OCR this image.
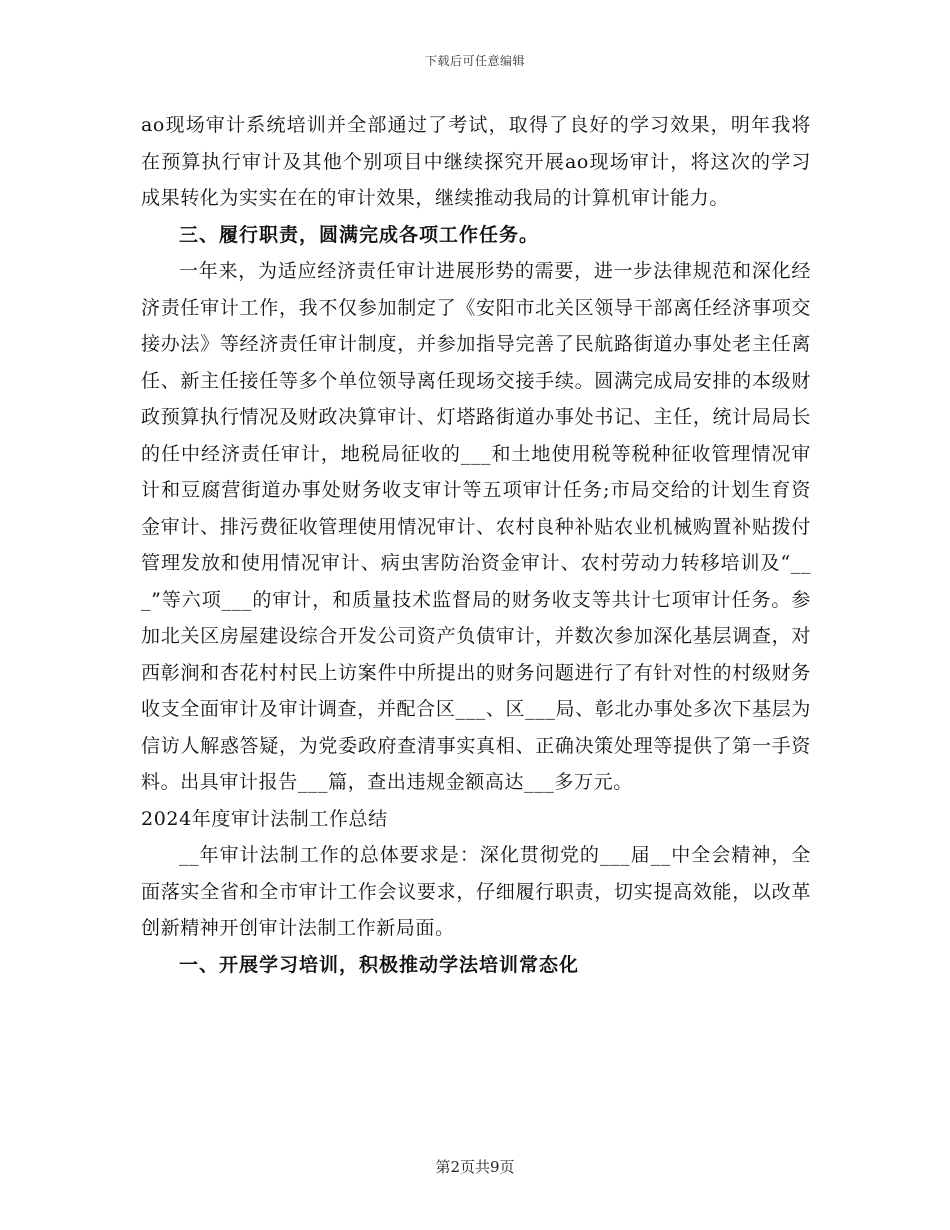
下载后可任意编辑

ao现场审计系统培训并全部通过了考试，取得了良好的学习效果，明年我将在预算执行审计及其他个别项目中继续探究开展ao现场审计，将这次的学习成果转化为实实在在的审计效果，继续推动我局的计算机审计能力。

三、履行职责，圆满完成各项工作任务。

一年来，为适应经济责任审计进展形势的需要，进一步法律规范和深化经济责任审计工作，我不仅参加制定了《安阳市北关区领导干部离任经济事项交接办法》等经济责任审计制度，并参加指导完善了民航路街道办事处老主任离任、新主任接任等多个单位领导离任现场交接手续。圆满完成局安排的本级财政预算执行情况及财政决算审计、灯塔路街道办事处书记、主任，统计局局长的任中经济责任审计，地税局征收的___和土地使用税等税种征收管理情况审计和豆腐营街道办事处财务收支审计等五项审计任务;市局交给的计划生育资金审计、排污费征收管理使用情况审计、农村良种补贴农业机械购置补贴拨付管理发放和使用情况审计、病虫害防治资金审计、农村劳动力转移培训及“___”等六项___的审计，和质量技术监督局的财务收支等共计七项审计任务。参加北关区房屋建设综合开发公司资产负债审计，并数次参加深化基层调查，对西彰涧和杏花村村民上访案件中所提出的财务问题进行了有针对性的村级财务收支全面审计及审计调查，并配合区___、区___局、彰北办事处多次下基层为信访人解惑答疑，为党委政府查清事实真相、正确决策处理等提供了第一手资料。出具审计报告___篇，查出违规金额高达___多万元。

2024年度审计法制工作总结

__年审计法制工作的总体要求是：深化贯彻党的___届__中全会精神，全面落实全省和全市审计工作会议要求，仔细履行职责，切实提高效能，以改革创新精神开创审计法制工作新局面。

一、开展学习培训，积极推动学法培训常态化

第2页共9页
